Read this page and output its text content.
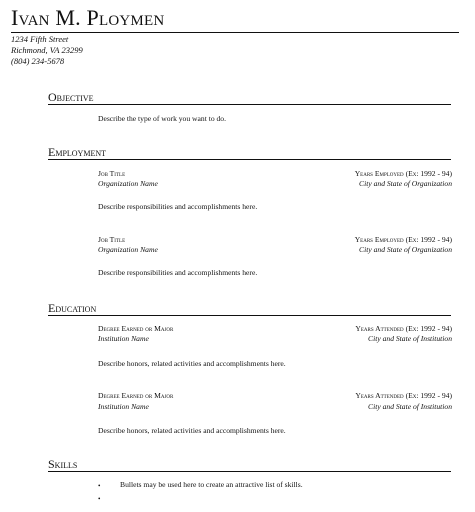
Ivan M. Ploymen
1234 Fifth Street
Richmond, VA 23299
(804) 234-5678
Objective
Describe the type of work you want to do.
Employment
Job Title	Years Employed (Ex: 1992 - 94)
Organization Name	City and State of Organization
Describe responsibilities and accomplishments here.
Job Title	Years Employed (Ex: 1992 - 94)
Organization Name	City and State of Organization
Describe responsibilities and accomplishments here.
Education
Degree Earned or Major	Years Attended (Ex: 1992 - 94)
Institution Name	City and State of Institution
Describe honors, related activities and accomplishments here.
Degree Earned or Major	Years Attended (Ex: 1992 - 94)
Institution Name	City and State of Institution
Describe honors, related activities and accomplishments here.
Skills
•	Bullets may be used here to create an attractive list of skills.
•
